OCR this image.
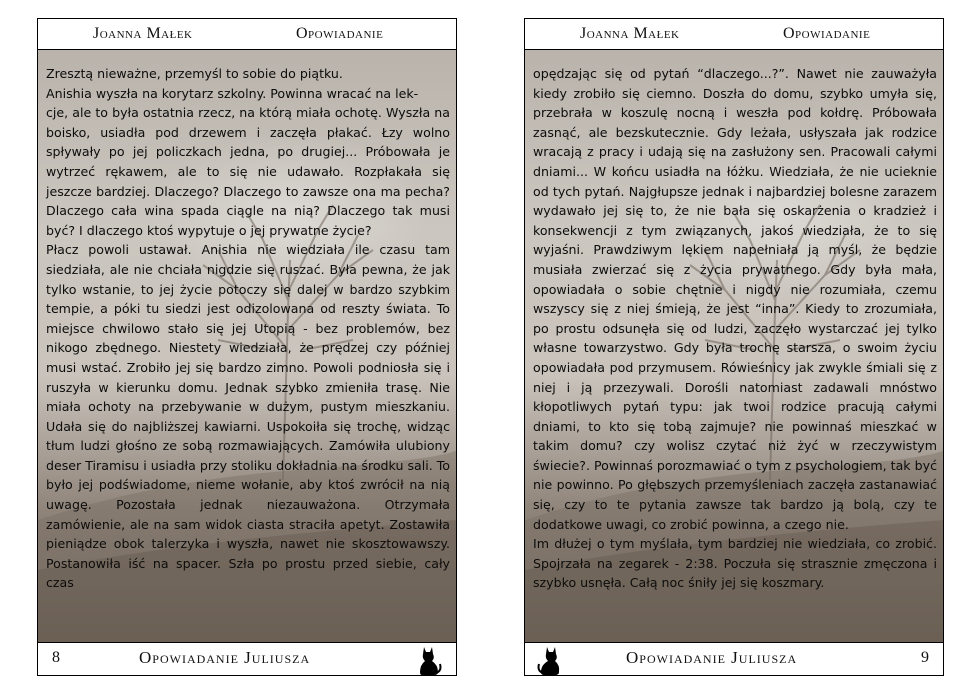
Joanna Małek	Opowiadanie
Zresztą nieważne, przemyśl to sobie do piątku.
Anishia wyszła na korytarz szkolny. Powinna wracać na lek-
cje, ale to była ostatnia rzecz, na którą miała ochotę. Wyszła na boisko, usiadła pod drzewem i zaczęła płakać. Łzy wolno spływały po jej policzkach jedna, po drugiej... Próbowała je wytrzeć rękawem, ale to się nie udawało. Rozpłakała się jeszcze bardziej. Dlaczego? Dlaczego to zawsze ona ma pecha? Dlaczego cała wina spada ciągle na nią? Dlaczego tak musi być? I dlaczego ktoś wypytuje o jej prywatne życie?
Płacz powoli ustawał. Anishia nie wiedziała ile czasu tam siedziała, ale nie chciała nigdzie się ruszać. Była pewna, że jak tylko wstanie, to jej życie potoczy się dalej w bardzo szybkim tempie, a póki tu siedzi jest odizolowana od reszty świata. To miejsce chwilowo stało się jej Utopią - bez problemów, bez nikogo zbędnego. Niestety wiedziała, że prędzej czy później musi wstać. Zrobiło jej się bardzo zimno. Powoli podniosła się i ruszyła w kierunku domu. Jednak szybko zmieniła trasę. Nie miała ochoty na przebywanie w dużym, pustym mieszkaniu. Udała się do najbliższej kawiarni. Uspokoiła się trochę, widząc tłum ludzi głośno ze sobą rozmawiających. Zamówiła ulubiony deser Tiramisu i usiadła przy stoliku dokładnia na środku sali. To było jej podświadome, nieme wołanie, aby ktoś zwrócił na nią uwagę. Pozostała jednak niezauważona. Otrzymała zamówienie, ale na sam widok ciasta straciła apetyt. Zostawiła pieniądze obok talerzyka i wyszła, nawet nie skosztowawszy. Postanowiła iść na spacer. Szła po prostu przed siebie, cały czas
8	Opowiadanie Juliusza
Joanna Małek	Opowiadanie
opędzając się od pytań “dlaczego...?”. Nawet nie zauważyła kiedy zrobiło się ciemno. Doszła do domu, szybko umyła się, przebrała w koszulę nocną i weszła pod kołdrę. Próbowała zasnąć, ale bezskutecznie. Gdy leżała, usłyszała jak rodzice wracają z pracy i udają się na zasłużony sen. Pracowali całymi dniami... W końcu usiadła na łóżku. Wiedziała, że nie ucieknie od tych pytań. Najgłupsze jednak i najbardziej bolesne zarazem wydawało jej się to, że nie bała się oskarżenia o kradzież i konsekwencji z tym związanych, jakoś wiedziała, że to się wyjaśni. Prawdziwym lękiem napełniała ją myśl, że będzie musiała zwierzać się z życia prywatnego. Gdy była mała, opowiadała o sobie chętnie i nigdy nie rozumiała, czemu wszyscy się z niej śmieją, że jest “inna”. Kiedy to zrozumiała, po prostu odsunęła się od ludzi, zaczęło wystarczać jej tylko własne towarzystwo. Gdy była trochę starsza, o swoim życiu opowiadała pod przymusem. Rówieśnicy jak zwykle śmiali się z niej i ją przezywali. Dorośli natomiast zadawali mnóstwo kłopotliwych pytań typu: jak twoi rodzice pracują całymi dniami, to kto się tobą zajmuje? nie powinnaś mieszkać w takim domu? czy wolisz czytać niż żyć w rzeczywistym świecie?. Powinnaś porozmawiać o tym z psychologiem, tak być nie powinno. Po głębszych przemyśleniach zaczęła zastanawiać się, czy to te pytania zawsze tak bardzo ją bolą, czy te dodatkowe uwagi, co zrobić powinna, a czego nie.
Im dłużej o tym myślała, tym bardziej nie wiedziała, co zrobić. Spojrzała na zegarek - 2:38. Poczuła się strasznie zmęczona i szybko usnęła. Całą noc śniły jej się koszmary.
Opowiadanie Juliusza	9
